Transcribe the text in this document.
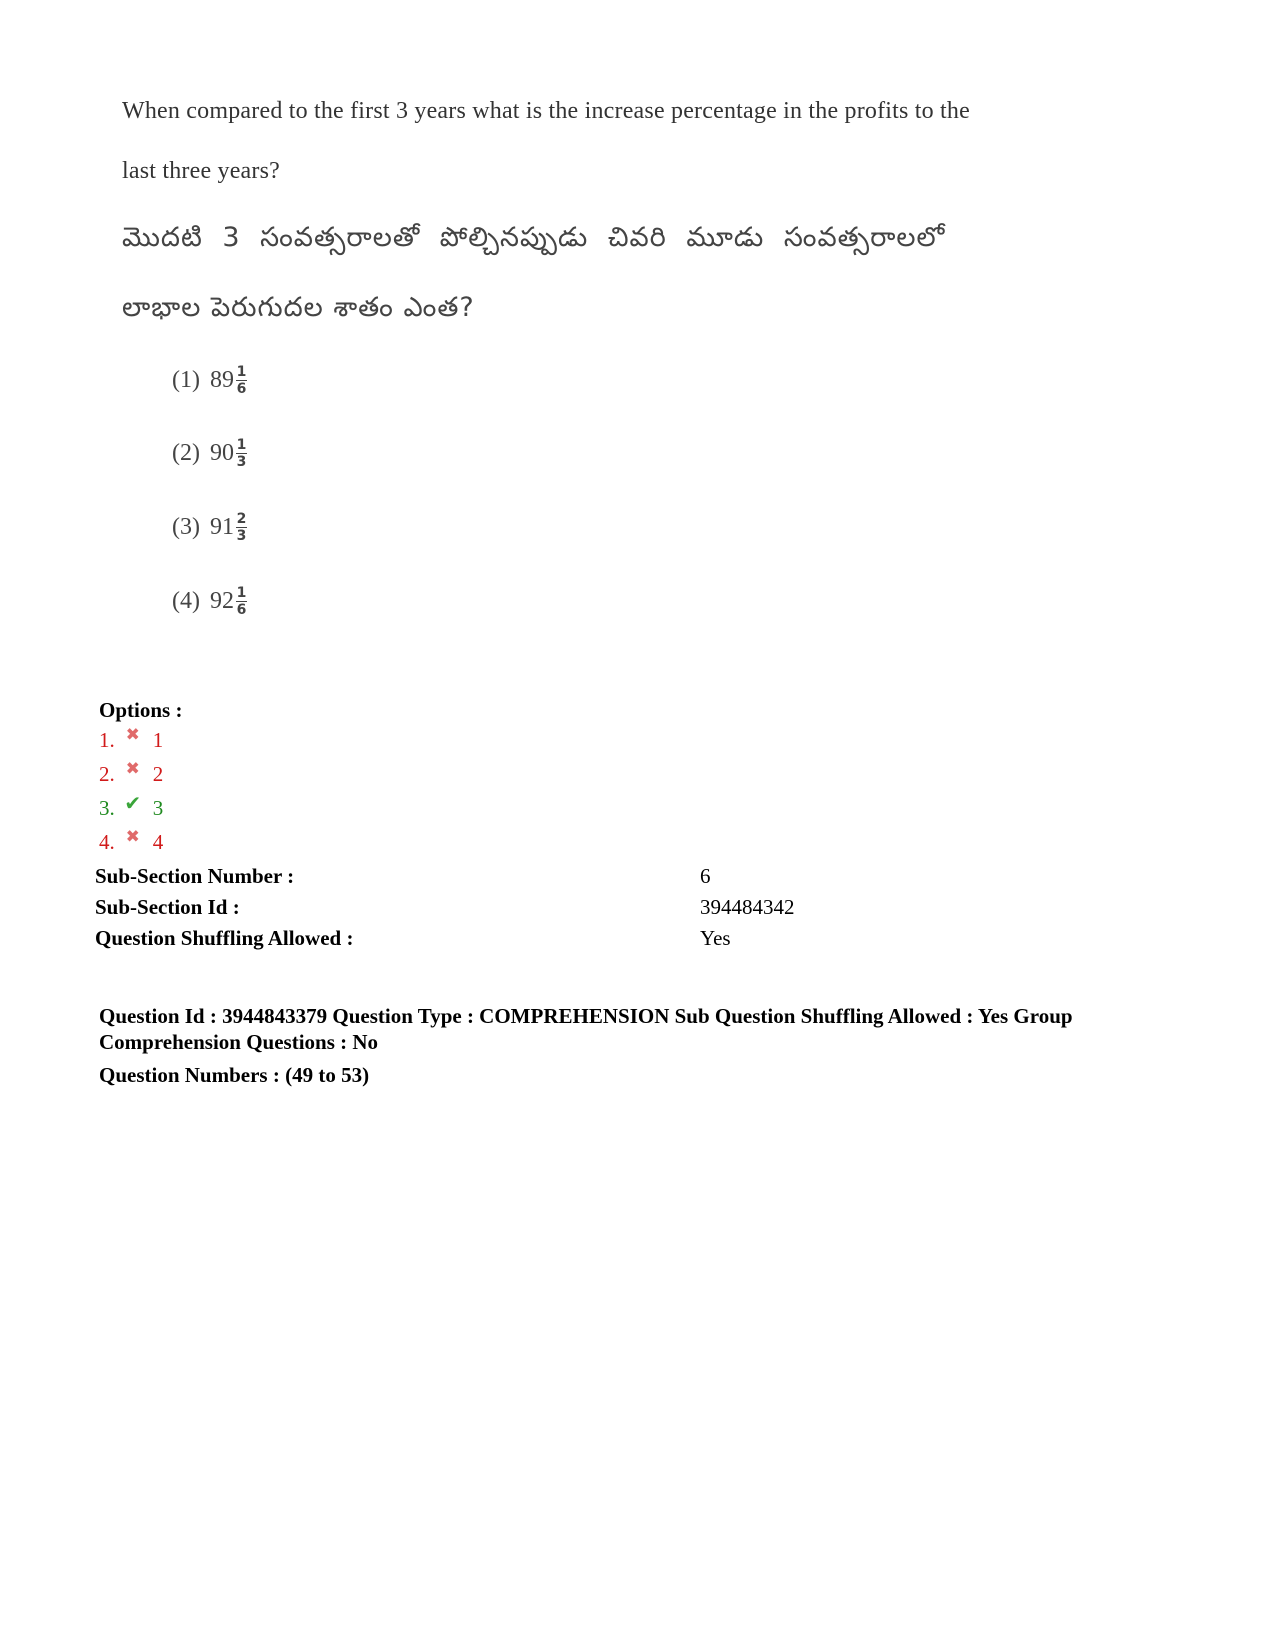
When compared to the first 3 years what is the increase percentage in the profits to the
last three years?
మొదటి 3 సంవత్సరాలతో పోల్చినప్పుడు చివరి మూడు సంవత్సరాలలో
లాభాల పెరుగుదల శాతం ఎంత?
(1) $89 \frac{1}{6}$
(2) $90 \frac{1}{3}$
(3) $91 \frac{2}{3}$
(4) $92 \frac{1}{6}$
Options :
1. ✖ 1
2. ✖ 2
3. ✔ 3
4. ✖ 4
Sub-Section Number :	6
Sub-Section Id :	394484342
Question Shuffling Allowed :	Yes
Question Id : 3944843379 Question Type : COMPREHENSION Sub Question Shuffling Allowed : Yes Group Comprehension Questions : No
Question Numbers : (49 to 53)
